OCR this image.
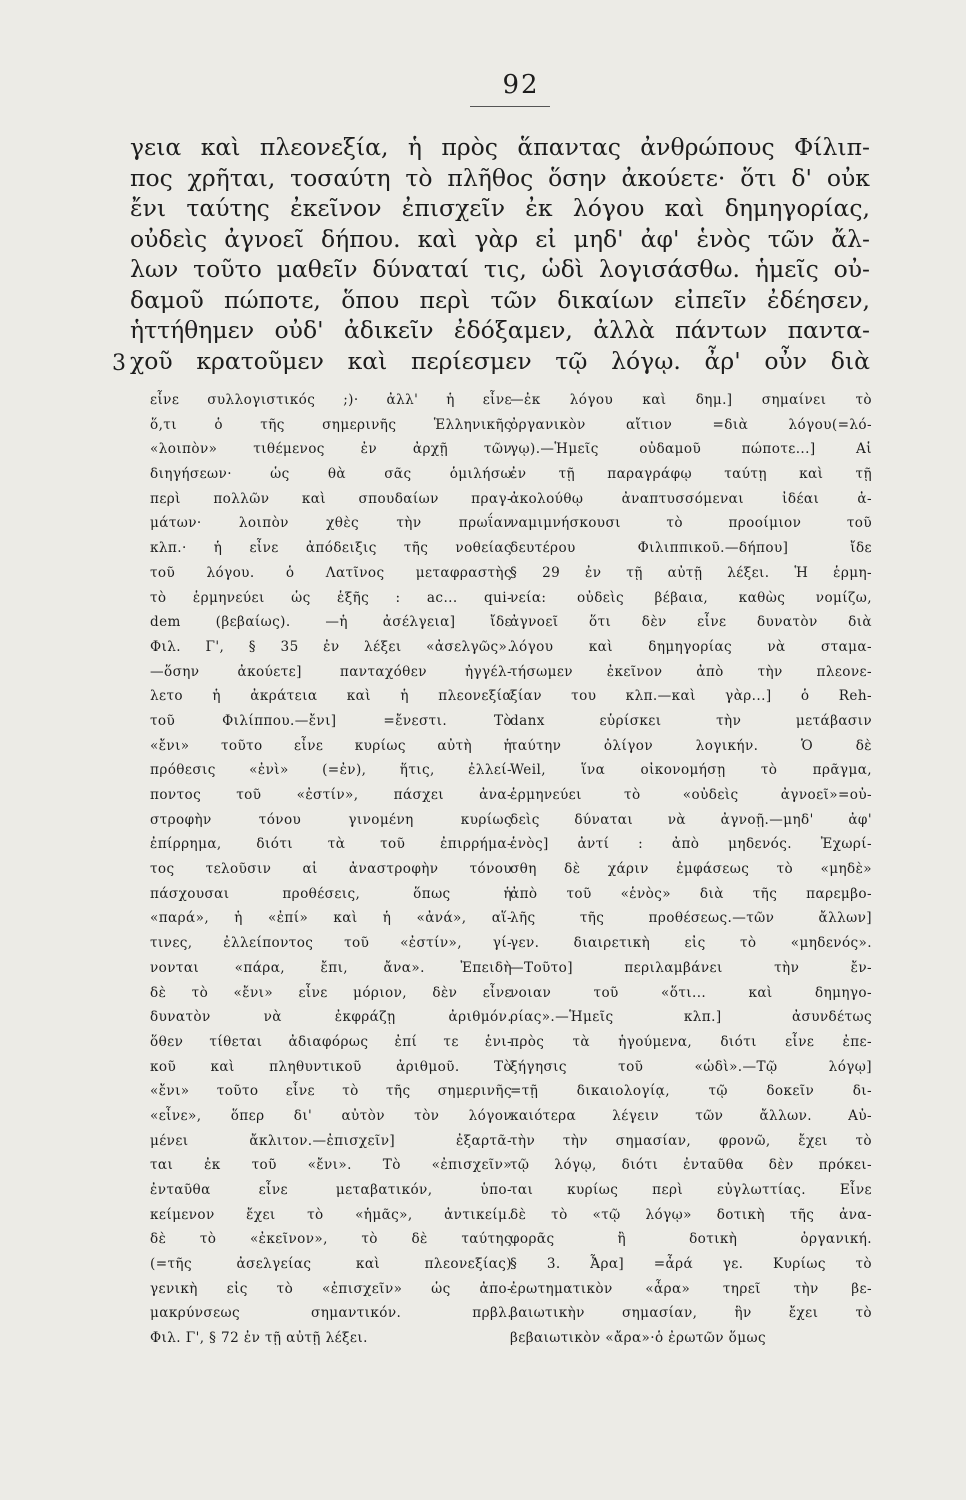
92
3
γεια καὶ πλεονεξία, ἡ πρὸς ἅπαντας ἀνθρώπους Φίλιπ-
πος χρῆται, τοσαύτη τὸ πλῆθος ὅσην ἀκούετε· ὅτι δ' οὐκ
ἔνι ταύτης ἐκεῖνον ἐπισχεῖν ἐκ λόγου καὶ δημηγορίας,
οὐδεὶς ἀγνοεῖ δήπου. καὶ γὰρ εἰ μηδ' ἀφ' ἑνὸς τῶν ἄλ-
λων τοῦτο μαθεῖν δύναταί τις, ὡδὶ λογισάσθω. ἡμεῖς οὐ-
δαμοῦ πώποτε, ὅπου περὶ τῶν δικαίων εἰπεῖν ἐδέησεν,
ἡττήθημεν οὐδ' ἀδικεῖν ἐδόξαμεν, ἀλλὰ πάντων παντα-
χοῦ κρατοῦμεν καὶ περίεσμεν τῷ λόγῳ. ἆρ' οὖν διὰ
εἶνε συλλογιστικός ;)· ἀλλ' ἡ εἶνε
ὅ,τι ὁ τῆς σημερινῆς Ἑλληνικῆς
«λοιπὸν» τιθέμενος ἐν ἀρχῇ τῶν
διηγήσεων· ὡς θὰ σᾶς ὁμιλήσω
περὶ πολλῶν καὶ σπουδαίων πραγ-
μάτων· λοιπὸν χθὲς τὴν πρωΐαν
κλπ.· ἡ εἶνε ἀπόδειξις τῆς νοθείας
τοῦ λόγου. ὁ Λατῖνος μεταφραστὴς
τὸ ἑρμηνεύει ὡς ἑξῆς : ac... qui-
dem (βεβαίως). —ἡ ἀσέλγεια] ἴδε
Φιλ. Γ', § 35 ἐν λέξει «ἀσελγῶς».
—ὅσην ἀκούετε] πανταχόθεν ἠγγέλ-
λετο ἡ ἀκράτεια καὶ ἡ πλεονεξία
τοῦ Φιλίππου.—ἔνι] =ἔνεστι. Τὸ
«ἔνι» τοῦτο εἶνε κυρίως αὐτὴ ἡ
πρόθεσις «ἐνὶ» (=ἐν), ἥτις, ἐλλεί-
ποντος τοῦ «ἐστίν», πάσχει ἀνα-
στροφὴν τόνου γινομένη κυρίως
ἐπίρρημα, διότι τὰ τοῦ ἐπιρρήμα-
τος τελοῦσιν αἱ ἀναστροφὴν τόνου
πάσχουσαι προθέσεις, ὅπως ἡ
«παρά», ἡ «ἐπί» καὶ ἡ «ἀνά», αἵ-
τινες, ἐλλείποντος τοῦ «ἐστίν», γί-
νονται «πάρα, ἔπι, ἄνα». Ἐπειδὴ
δὲ τὸ «ἔνι» εἶνε μόριον, δὲν εἶνε
δυνατὸν νὰ ἐκφράζῃ ἀριθμόν.
ὅθεν τίθεται ἀδιαφόρως ἐπί τε ἑνι-
κοῦ καὶ πληθυντικοῦ ἀριθμοῦ. Τὸ
«ἔνι» τοῦτο εἶνε τὸ τῆς σημερινῆς
«εἶνε», ὅπερ δι' αὐτὸν τὸν λόγον
μένει ἄκλιτον.—ἐπισχεῖν] ἐξαρτᾶ-
ται ἐκ τοῦ «ἔνι». Τὸ «ἐπισχεῖν»
ἐνταῦθα εἶνε μεταβατικόν, ὑπο-
κείμενον ἔχει τὸ «ἡμᾶς», ἀντικείμ.
δὲ τὸ «ἐκεῖνον», τὸ δὲ ταύτης
(=τῆς ἀσελγείας καὶ πλεονεξίας)
γενικὴ εἰς τὸ «ἐπισχεῖν» ὡς ἀπο-
μακρύνσεως σημαντικόν. πρβλ.
Φιλ. Γ', § 72 ἐν τῇ αὐτῇ λέξει.
—ἐκ λόγου καὶ δημ.] σημαίνει τὸ
ὀργανικὸν αἴτιον =διὰ λόγου(=λό-
γῳ).—Ἡμεῖς οὐδαμοῦ πώποτε...] Αἱ
ἐν τῇ παραγράφῳ ταύτῃ καὶ τῇ
ἀκολούθῳ ἀναπτυσσόμεναι ἰδέαι ἀ-
ναμιμνήσκουσι τὸ προοίμιον τοῦ
δευτέρου Φιλιππικοῦ.—δήπου] ἴδε
§ 29 ἐν τῇ αὐτῇ λέξει. Ἡ ἑρμη-
νεία: οὐδεὶς βέβαια, καθὼς νομίζω,
ἀγνοεῖ ὅτι δὲν εἶνε δυνατὸν διὰ
λόγου καὶ δημηγορίας νὰ σταμα-
τήσωμεν ἐκεῖνον ἀπὸ τὴν πλεονε-
ξίαν του κλπ.—καὶ γὰρ...] ὁ Reh-
danx εὑρίσκει τὴν μετάβασιν
ταύτην ὀλίγον λογικήν. Ὁ δὲ
Weil, ἵνα οἰκονομήσῃ τὸ πρᾶγμα,
ἑρμηνεύει τὸ «οὐδεὶς ἀγνοεῖ»=οὐ-
δεὶς δύναται νὰ ἀγνοῇ.—μηδ' ἀφ'
ἑνὸς] ἀντί : ἀπὸ μηδενός. Ἐχωρί-
σθη δὲ χάριν ἐμφάσεως τὸ «μηδὲ»
ἀπὸ τοῦ «ἑνὸς» διὰ τῆς παρεμβο-
λῆς τῆς προθέσεως.—τῶν ἄλλων]
γεν. διαιρετικὴ εἰς τὸ «μηδενός».
—Τοῦτο] περιλαμβάνει τὴν ἔν-
νοιαν τοῦ «ὅτι... καὶ δημηγο-
ρίας».—Ἡμεῖς κλπ.] ἀσυνδέτως
πρὸς τὰ ἡγούμενα, διότι εἶνε ἐπε-
ξήγησις τοῦ «ὡδὶ».—Τῷ λόγῳ]
=τῇ δικαιολογίᾳ, τῷ δοκεῖν δι-
καιότερα λέγειν τῶν ἄλλων. Αὐ-
τὴν τὴν σημασίαν, φρονῶ, ἔχει τὸ
τῷ λόγῳ, διότι ἐνταῦθα δὲν πρόκει-
ται κυρίως περὶ εὐγλωττίας. Εἶνε
δὲ τὸ «τῷ λόγῳ» δοτικὴ τῆς ἀνα-
φορᾶς ἢ δοτικὴ ὀργανική.
§ 3. Ἆρα] =ἆρά γε. Κυρίως τὸ
ἐρωτηματικὸν «ἆρα» τηρεῖ τὴν βε-
βαιωτικὴν σημασίαν, ἣν ἔχει τὸ
βεβαιωτικὸν «ἄρα»·ὁ ἐρωτῶν ὅμως
